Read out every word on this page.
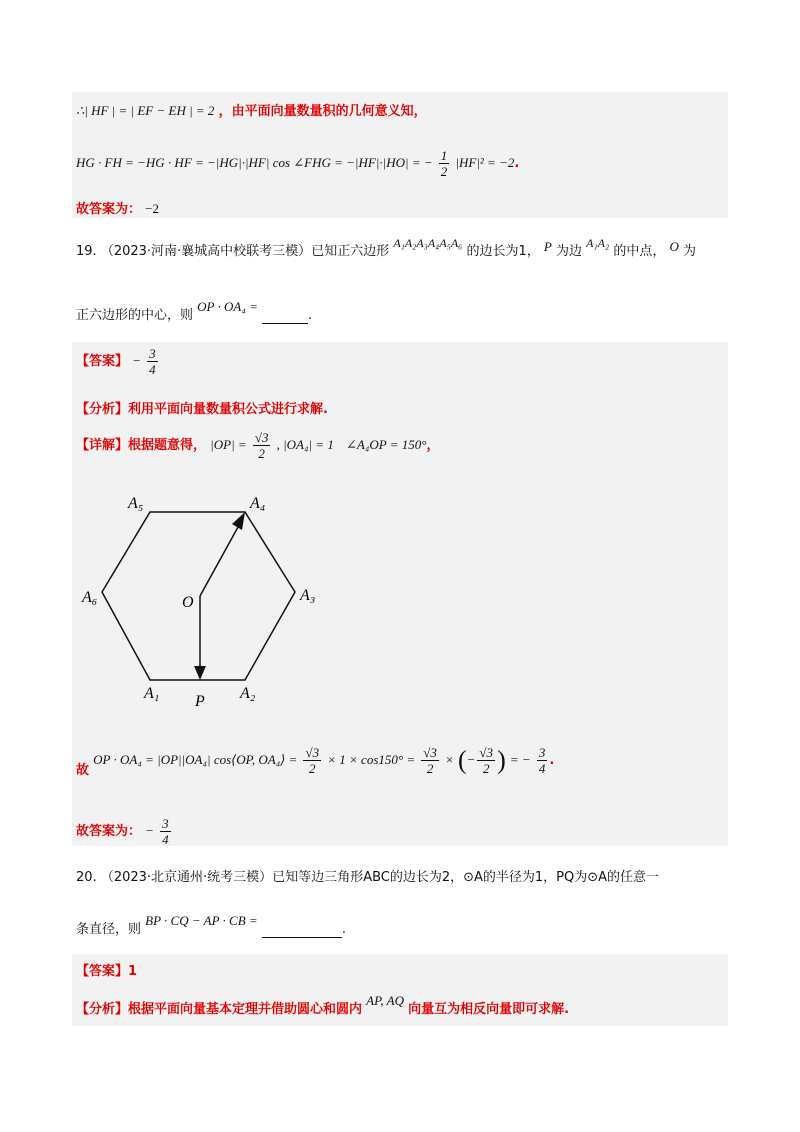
∴| HF | = | EF − EH | = 2 ，由平面向量数量积的几何意义知，
HG · FH = −HG · HF = −|HG|·|HF| cos ∠FHG = −|HF|·|HO| = − $\frac{1}{2} |HF|^2 = -2$.
故答案为： −2
19. （2023·河南·襄城高中校联考三模）已知正六边形 A₁A₂A₃A₄A₅A₆ 的边长为1， P 为边 A₁A₂ 的中点， O 为
正六边形的中心，则 OP · OA₄ =  .
【答案】 − $\frac{3}{4}$
【分析】利用平面向量数量积公式进行求解.
【详解】根据题意得， $|OP| = \frac{√3}{2}$ , |OA₄| = 1 ∠A₄OP = 150°，
A₅	A₄
A₆	A₃
O
A₁ P A₂
故 OP · OA₄ = |OP||OA₄| cos⟨OP, OA₄⟩ = $\frac{√3}{2} \times 1 \times \cos 150^\circ = \frac{√3}{2}$ × (− $\frac{√3}{2}$ ) = − $\frac{3}{4}$ .
故答案为： − $\frac{3}{4}$
20. （2023·北京通州·统考三模）已知等边三角形ABC的边长为2，⊙A的半径为1，PQ为⊙A的任意一
条直径，则 BP · CQ − AP · CB =  .
【答案】1
【分析】根据平面向量基本定理并借助圆心和圆内 AP, AQ 向量互为相反向量即可求解.
